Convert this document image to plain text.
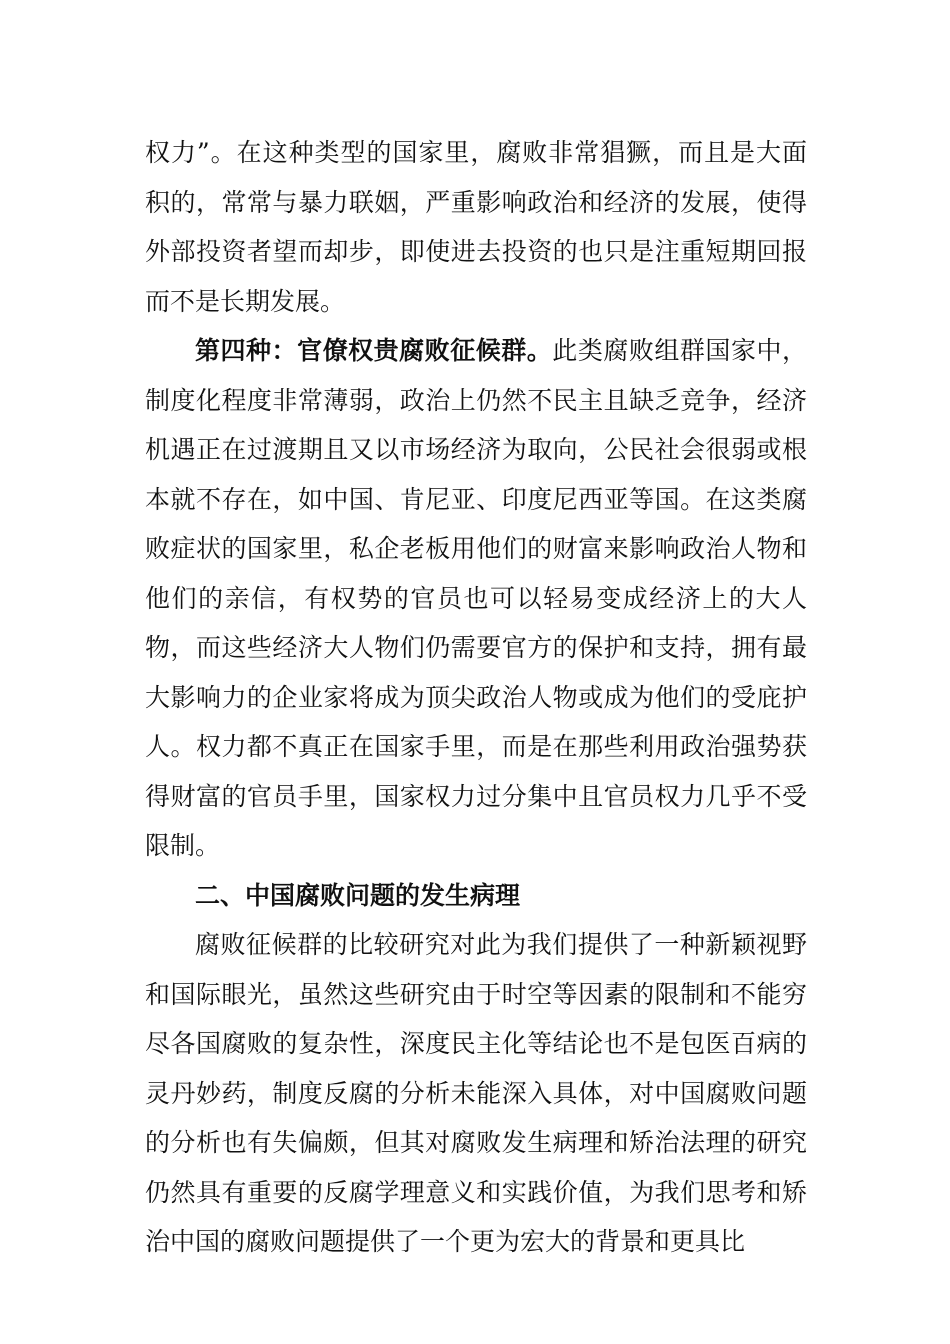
权力”。在这种类型的国家里，腐败非常猖獗，而且是大面积的，常常与暴力联姻，严重影响政治和经济的发展，使得外部投资者望而却步，即使进去投资的也只是注重短期回报而不是长期发展。

第四种：官僚权贵腐败征候群。此类腐败组群国家中，制度化程度非常薄弱，政治上仍然不民主且缺乏竞争，经济机遇正在过渡期且又以市场经济为取向，公民社会很弱或根本就不存在，如中国、肯尼亚、印度尼西亚等国。在这类腐败症状的国家里，私企老板用他们的财富来影响政治人物和他们的亲信，有权势的官员也可以轻易变成经济上的大人物，而这些经济大人物们仍需要官方的保护和支持，拥有最大影响力的企业家将成为顶尖政治人物或成为他们的受庇护人。权力都不真正在国家手里，而是在那些利用政治强势获得财富的官员手里，国家权力过分集中且官员权力几乎不受限制。

二、中国腐败问题的发生病理

腐败征候群的比较研究对此为我们提供了一种新颖视野和国际眼光，虽然这些研究由于时空等因素的限制和不能穷尽各国腐败的复杂性，深度民主化等结论也不是包医百病的灵丹妙药，制度反腐的分析未能深入具体，对中国腐败问题的分析也有失偏颇，但其对腐败发生病理和矫治法理的研究仍然具有重要的反腐学理意义和实践价值，为我们思考和矫治中国的腐败问题提供了一个更为宏大的背景和更具比
